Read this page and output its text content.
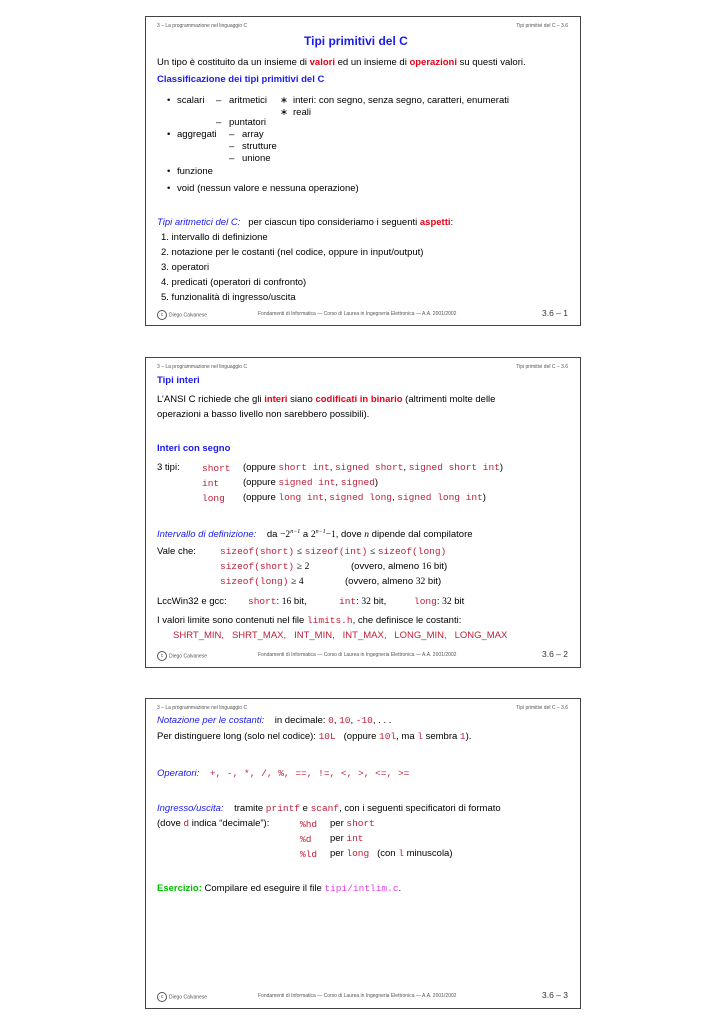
3 – La programmazione nel linguaggio C	Tipi primitivi del C – 3.6
Tipi primitivi del C
Un tipo è costituito da un insieme di valori ed un insieme di operazioni su questi valori.
Classificazione dei tipi primitivi del C
• scalari – aritmetici ∗ interi: con segno, senza segno, caratteri, enumerati
∗ reali
– puntatori
• aggregati – array
– strutture
– unione
• funzione
• void (nessun valore e nessuna operazione)
Tipi aritmetici del C: per ciascun tipo consideriamo i seguenti aspetti:
1. intervallo di definizione
2. notazione per le costanti (nel codice, oppure in input/output)
3. operatori
4. predicati (operatori di confronto)
5. funzionalità di ingresso/uscita
c Diego Calvanese	Fondamenti di Informatica — Corso di Laurea in Ingegneria Elettronica — A.A. 2001/2002	3.6 – 1
3 – La programmazione nel linguaggio C	Tipi primitivi del C – 3.6
Tipi interi
L’ANSI C richiede che gli interi siano codificati in binario (altrimenti molte delle
operazioni a basso livello non sarebbero possibili).
Interi con segno
3 tipi: short (oppure short int, signed short, signed short int)
int	(oppure signed int, signed)
long (oppure long int, signed long, signed long int)
Intervallo di definizione: da $-2^{n-1}$ a $2^{n-1}-1$, dove n dipende dal compilatore
Vale che:	sizeof(short) ≤ sizeof(int) ≤ sizeof(long)
sizeof(short) ≥ 2	(ovvero, almeno 16 bit)
sizeof(long) ≥ 4	(ovvero, almeno 32 bit)
LccWin32 e gcc: short: 16 bit,	int: 32 bit,	long: 32 bit
I valori limite sono contenuti nel file limits.h, che definisce le costanti:
SHRT_MIN, SHRT_MAX, INT_MIN, INT_MAX, LONG_MIN, LONG_MAX
c Diego Calvanese	Fondamenti di Informatica — Corso di Laurea in Ingegneria Elettronica — A.A. 2001/2002	3.6 – 2
3 – La programmazione nel linguaggio C	Tipi primitivi del C – 3.6
Notazione per le costanti: in decimale: 0, 10, -10, . . .
Per distinguere long (solo nel codice): 10L (oppure 10l, ma l sembra 1).
Operatori: +, -, *, /, %, ==, !=, <, >, <=, >=
Ingresso/uscita: tramite printf e scanf, con i seguenti specificatori di formato
(dove d indica “decimale”):	%hd per short
%d per int
%ld per long (con l minuscola)
Esercizio: Compilare ed eseguire il file tipi/intlim.c.
c Diego Calvanese	Fondamenti di Informatica — Corso di Laurea in Ingegneria Elettronica — A.A. 2001/2002	3.6 – 3
